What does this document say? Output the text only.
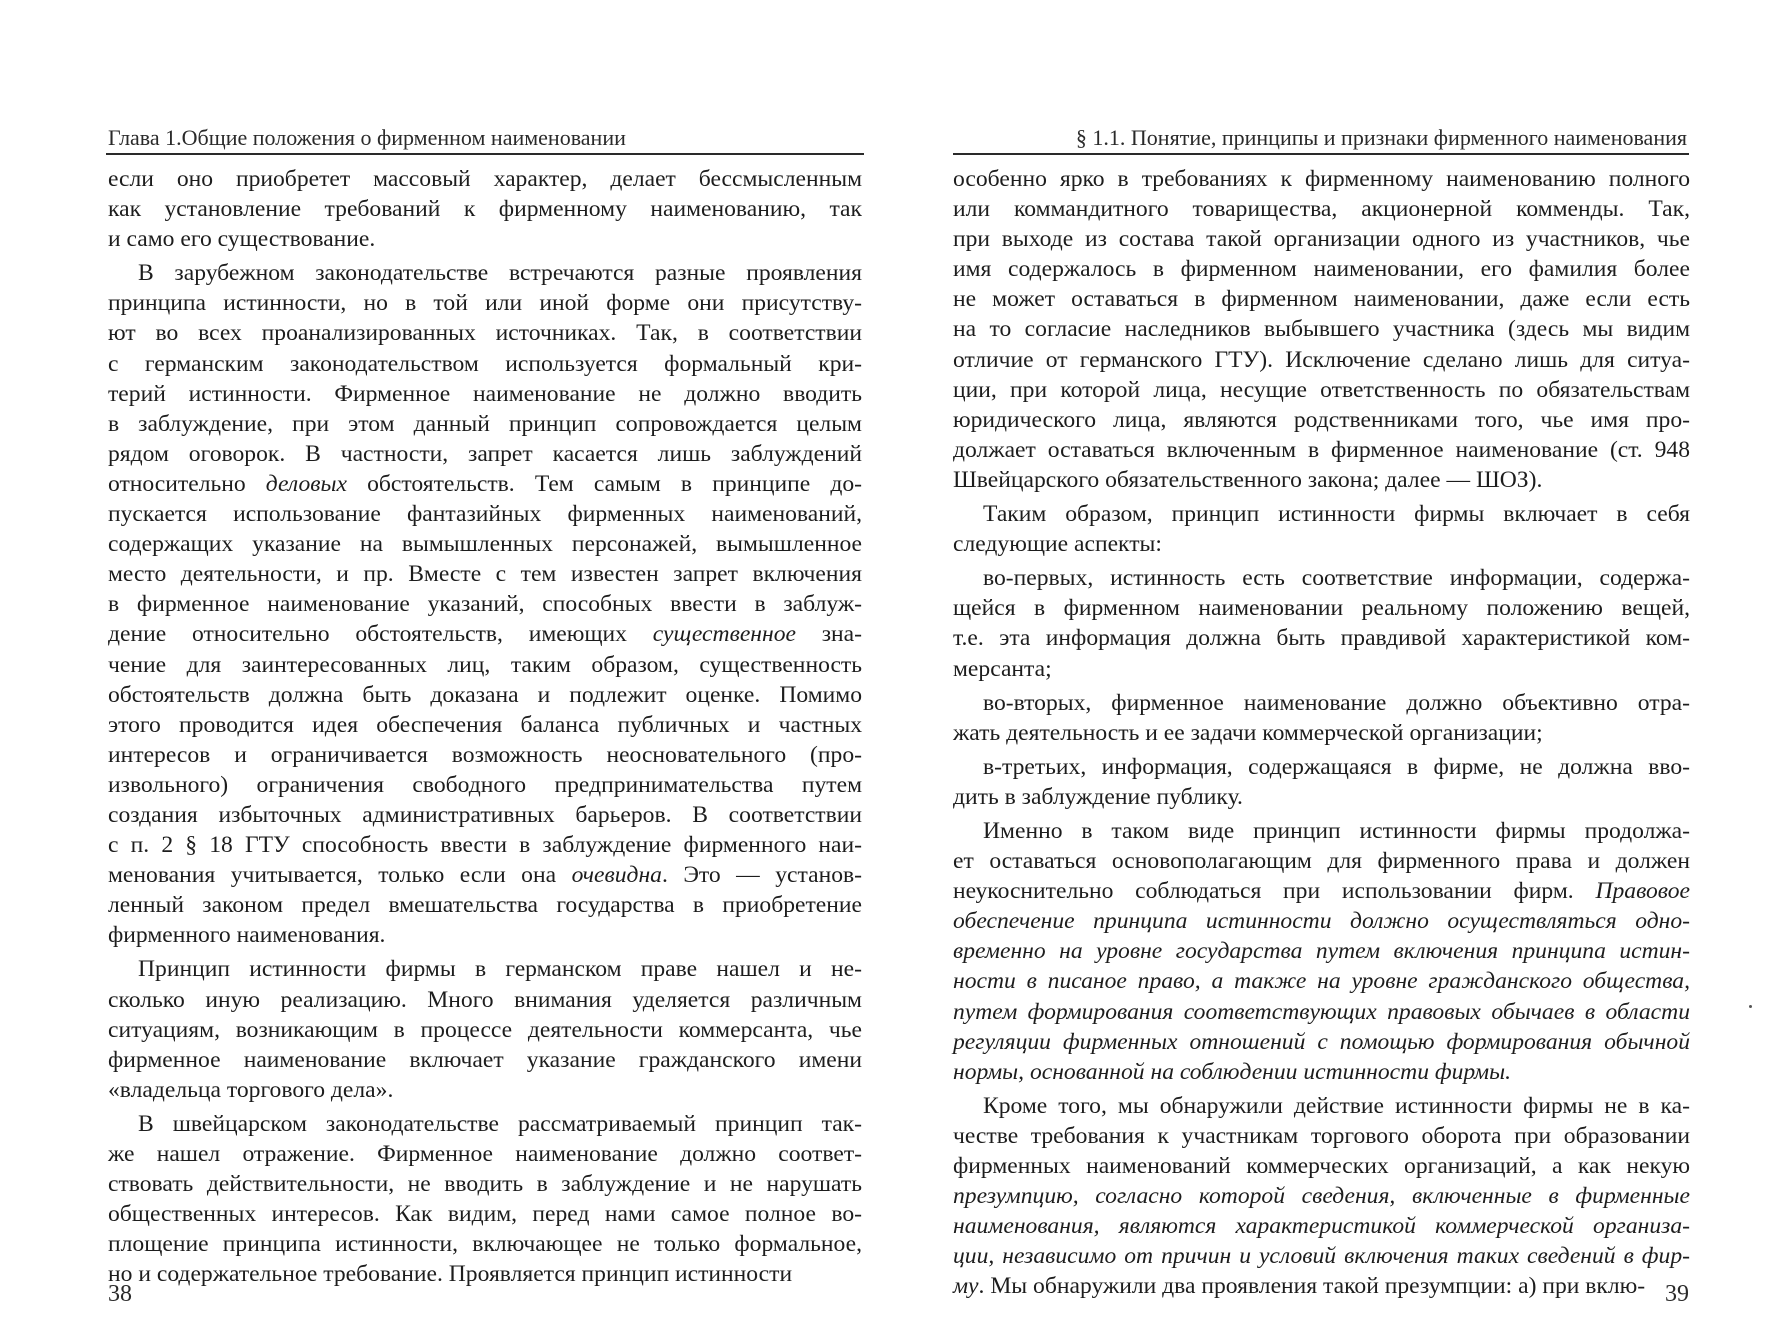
Глава 1.Общие положения о фирменном наименовании

если оно приобретет массовый характер, делает бессмысленным
как установление требований к фирменному наименованию, так
и само его существование.

В зарубежном законодательстве встречаются разные проявления
принципа истинности, но в той или иной форме они присутству-
ют во всех проанализированных источниках. Так, в соответствии
с германским законодательством используется формальный кри-
терий истинности. Фирменное наименование не должно вводить
в заблуждение, при этом данный принцип сопровождается целым
рядом оговорок. В частности, запрет касается лишь заблуждений
относительно деловых обстоятельств. Тем самым в принципе до-
пускается использование фантазийных фирменных наименований,
содержащих указание на вымышленных персонажей, вымышленное
место деятельности, и пр. Вместе с тем известен запрет включения
в фирменное наименование указаний, способных ввести в заблуж-
дение относительно обстоятельств, имеющих существенное зна-
чение для заинтересованных лиц, таким образом, существенность
обстоятельств должна быть доказана и подлежит оценке. Помимо
этого проводится идея обеспечения баланса публичных и частных
интересов и ограничивается возможность неосновательного (про-
извольного) ограничения свободного предпринимательства путем
создания избыточных административных барьеров. В соответствии
с п. 2 § 18 ГТУ способность ввести в заблуждение фирменного наи-
менования учитывается, только если она очевидна. Это — установ-
ленный законом предел вмешательства государства в приобретение
фирменного наименования.

Принцип истинности фирмы в германском праве нашел и не-
сколько иную реализацию. Много внимания уделяется различным
ситуациям, возникающим в процессе деятельности коммерсанта, чье
фирменное наименование включает указание гражданского имени
«владельца торгового дела».

В швейцарском законодательстве рассматриваемый принцип так-
же нашел отражение. Фирменное наименование должно соответ-
ствовать действительности, не вводить в заблуждение и не нарушать
общественных интересов. Как видим, перед нами самое полное во-
площение принципа истинности, включающее не только формальное,
но и содержательное требование. Проявляется принцип истинности

38
§ 1.1. Понятие, принципы и признаки фирменного наименования

особенно ярко в требованиях к фирменному наименованию полного
или коммандитного товарищества, акционерной комменды. Так,
при выходе из состава такой организации одного из участников, чье
имя содержалось в фирменном наименовании, его фамилия более
не может оставаться в фирменном наименовании, даже если есть
на то согласие наследников выбывшего участника (здесь мы видим
отличие от германского ГТУ). Исключение сделано лишь для ситуа-
ции, при которой лица, несущие ответственность по обязательствам
юридического лица, являются родственниками того, чье имя про-
должает оставаться включенным в фирменное наименование (ст. 948
Швейцарского обязательственного закона; далее — ШОЗ).

Таким образом, принцип истинности фирмы включает в себя
следующие аспекты:

во-первых, истинность есть соответствие информации, содержа-
щейся в фирменном наименовании реальному положению вещей,
т.е. эта информация должна быть правдивой характеристикой ком-
мерсанта;

во-вторых, фирменное наименование должно объективно отра-
жать деятельность и ее задачи коммерческой организации;

в-третьих, информация, содержащаяся в фирме, не должна вво-
дить в заблуждение публику.

Именно в таком виде принцип истинности фирмы продолжа-
ет оставаться основополагающим для фирменного права и должен
неукоснительно соблюдаться при использовании фирм. Правовое
обеспечение принципа истинности должно осуществляться одно-
временно на уровне государства путем включения принципа истин-
ности в писаное право, а также на уровне гражданского общества,
путем формирования соответствующих правовых обычаев в области
регуляции фирменных отношений с помощью формирования обычной
нормы, основанной на соблюдении истинности фирмы.

Кроме того, мы обнаружили действие истинности фирмы не в ка-
честве требования к участникам торгового оборота при образовании
фирменных наименований коммерческих организаций, а как некую
презумпцию, согласно которой сведения, включенные в фирменные
наименования, являются характеристикой коммерческой организа-
ции, независимо от причин и условий включения таких сведений в фир-
му. Мы обнаружили два проявления такой презумпции: а) при вклю- 39
